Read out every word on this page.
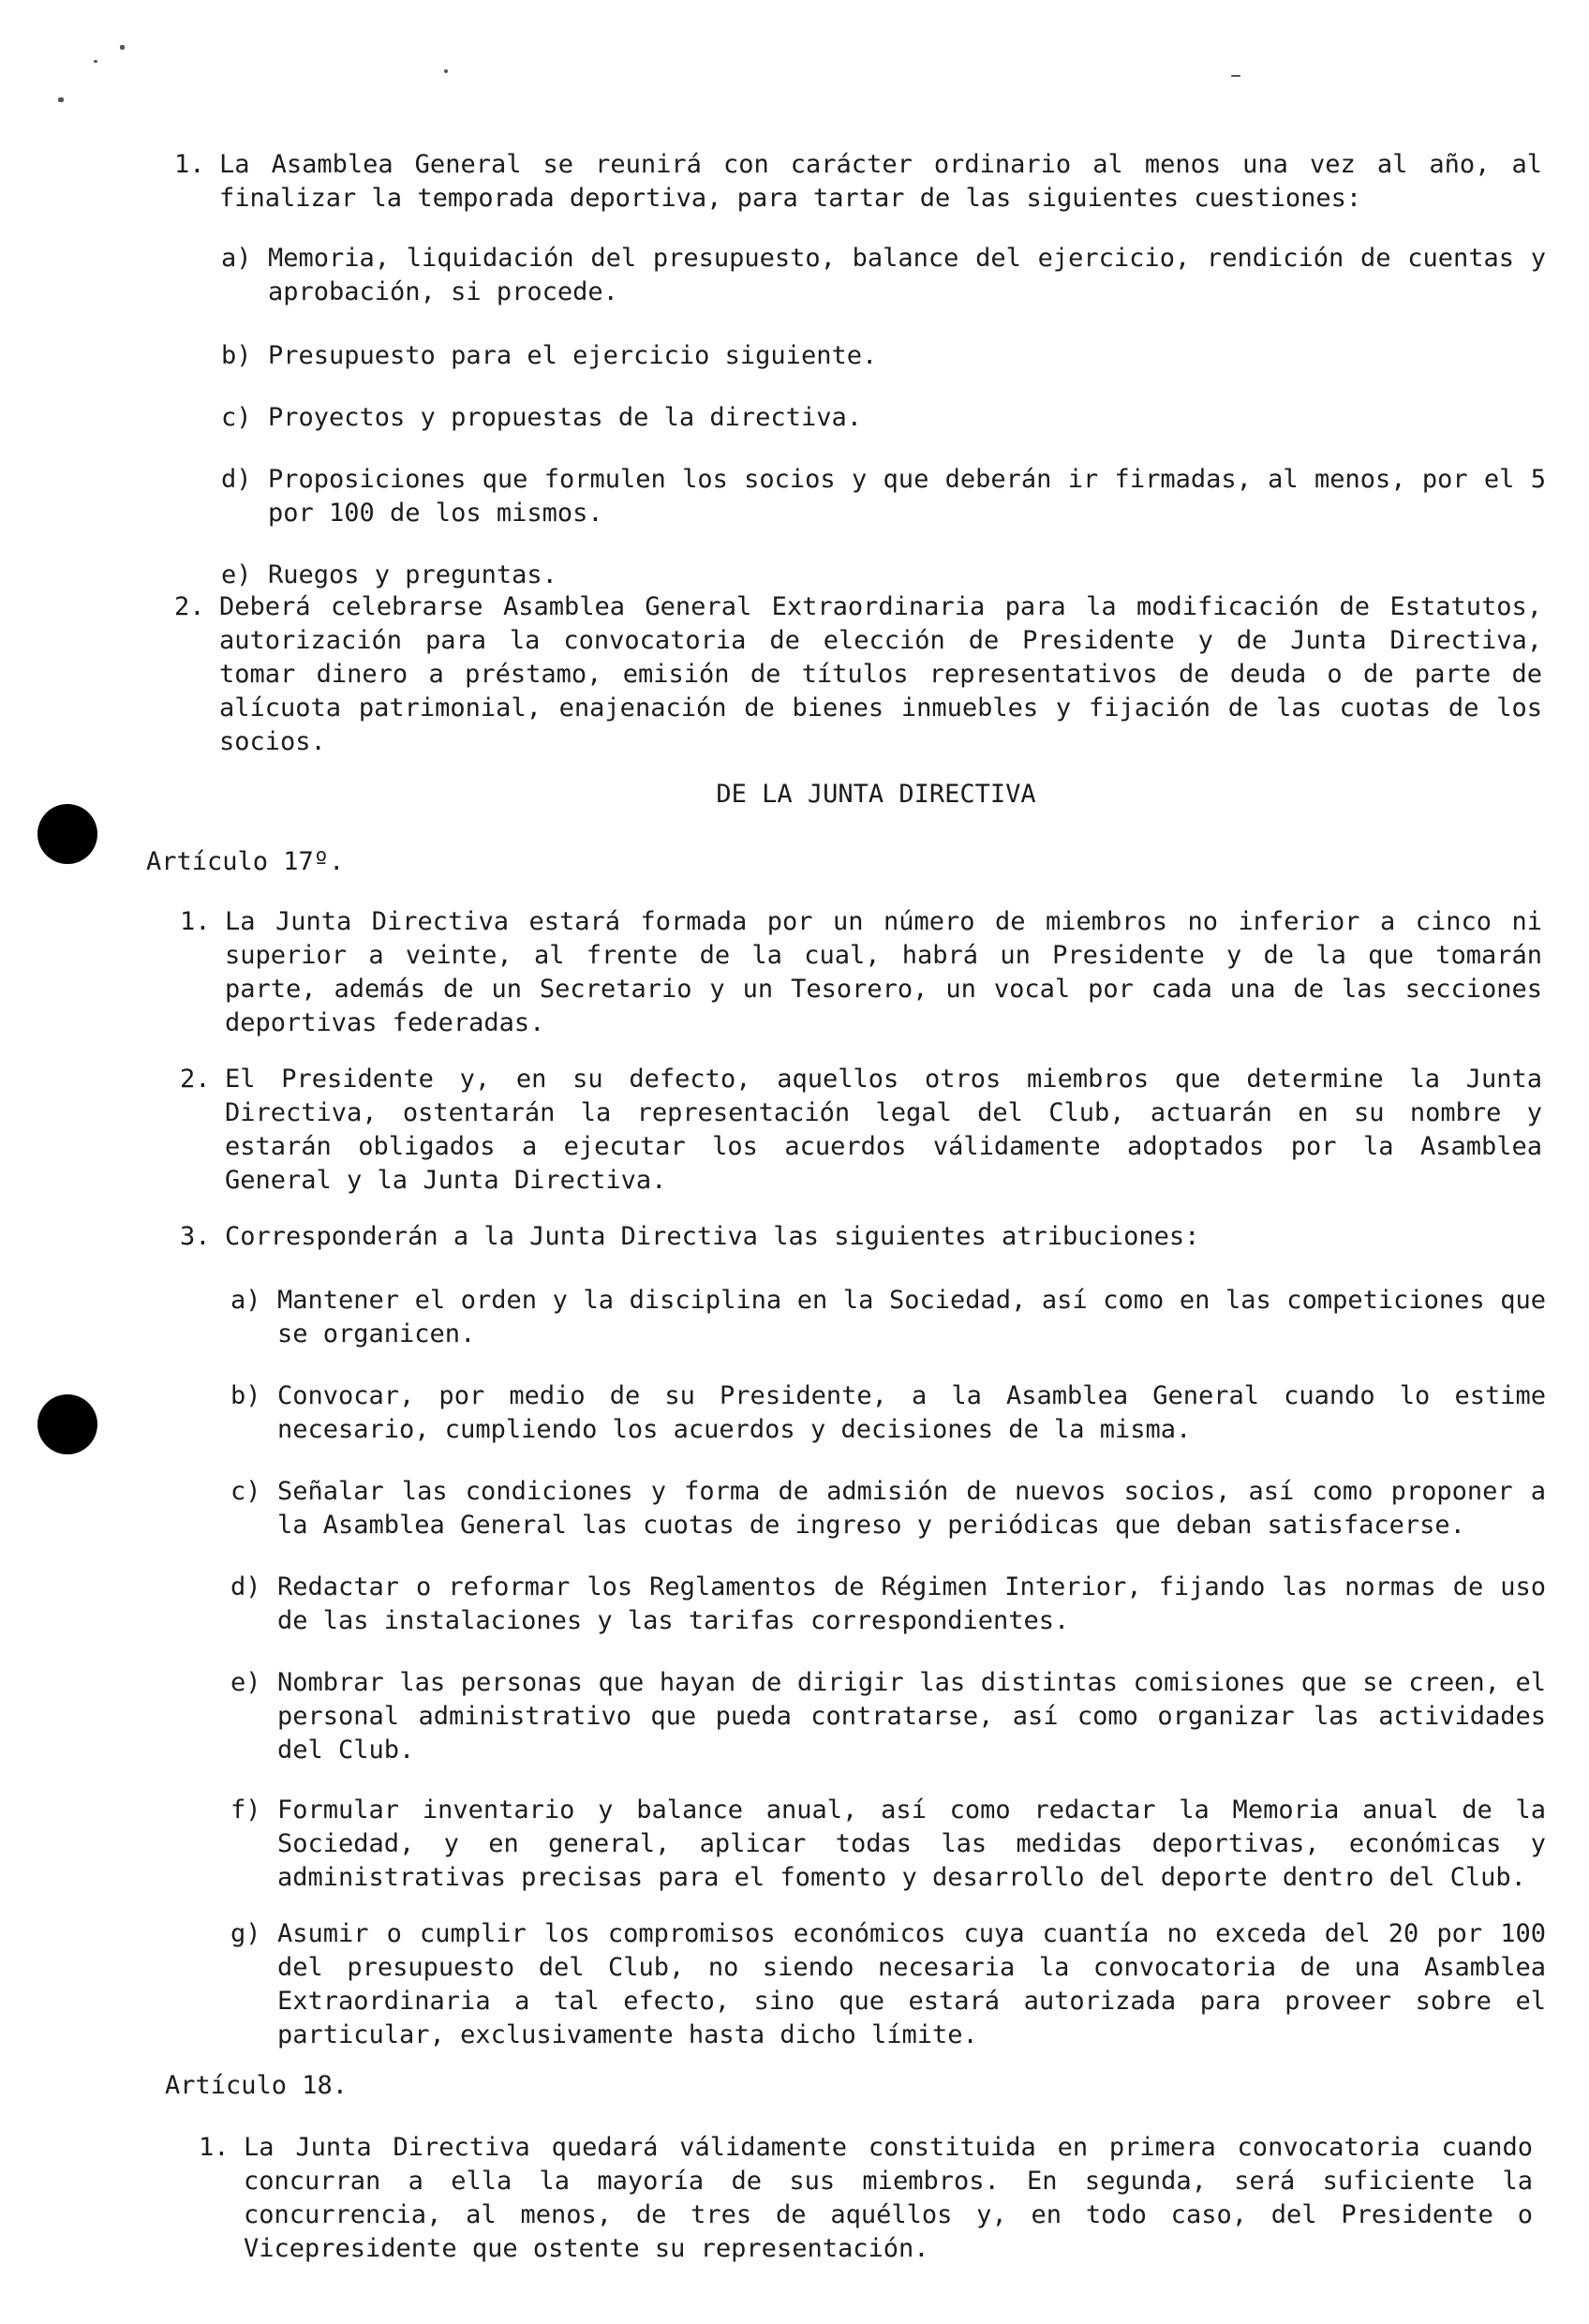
1. La Asamblea General se reunirá con carácter ordinario al menos una vez al año, al finalizar la temporada deportiva, para tartar de las siguientes cuestiones:
a) Memoria, liquidación del presupuesto, balance del ejercicio, rendición de cuentas y aprobación, si procede.
b) Presupuesto para el ejercicio siguiente.
c) Proyectos y propuestas de la directiva.
d) Proposiciones que formulen los socios y que deberán ir firmadas, al menos, por el 5 por 100 de los mismos.
e) Ruegos y preguntas.
2. Deberá celebrarse Asamblea General Extraordinaria para la modificación de Estatutos, autorización para la convocatoria de elección de Presidente y de Junta Directiva, tomar dinero a préstamo, emisión de títulos representativos de deuda o de parte de alícuota patrimonial, enajenación de bienes inmuebles y fijación de las cuotas de los socios.
DE LA JUNTA DIRECTIVA
Artículo 17º.
1. La Junta Directiva estará formada por un número de miembros no inferior a cinco ni superior a veinte, al frente de la cual, habrá un Presidente y de la que tomarán parte, además de un Secretario y un Tesorero, un vocal por cada una de las secciones deportivas federadas.
2. El Presidente y, en su defecto, aquellos otros miembros que determine la Junta Directiva, ostentarán la representación legal del Club, actuarán en su nombre y estarán obligados a ejecutar los acuerdos válidamente adoptados por la Asamblea General y la Junta Directiva.
3. Corresponderán a la Junta Directiva las siguientes atribuciones:
a) Mantener el orden y la disciplina en la Sociedad, así como en las competiciones que se organicen.
b) Convocar, por medio de su Presidente, a la Asamblea General cuando lo estime necesario, cumpliendo los acuerdos y decisiones de la misma.
c) Señalar las condiciones y forma de admisión de nuevos socios, así como proponer a la Asamblea General las cuotas de ingreso y periódicas que deban satisfacerse.
d) Redactar o reformar los Reglamentos de Régimen Interior, fijando las normas de uso de las instalaciones y las tarifas correspondientes.
e) Nombrar las personas que hayan de dirigir las distintas comisiones que se creen, el personal administrativo que pueda contratarse, así como organizar las actividades del Club.
f) Formular inventario y balance anual, así como redactar la Memoria anual de la Sociedad, y en general, aplicar todas las medidas deportivas, económicas y administrativas precisas para el fomento y desarrollo del deporte dentro del Club.
g) Asumir o cumplir los compromisos económicos cuya cuantía no exceda del 20 por 100 del presupuesto del Club, no siendo necesaria la convocatoria de una Asamblea Extraordinaria a tal efecto, sino que estará autorizada para proveer sobre el particular, exclusivamente hasta dicho límite.
Artículo 18.
1. La Junta Directiva quedará válidamente constituida en primera convocatoria cuando concurran a ella la mayoría de sus miembros. En segunda, será suficiente la concurrencia, al menos, de tres de aquéllos y, en todo caso, del Presidente o Vicepresidente que ostente su representación.
